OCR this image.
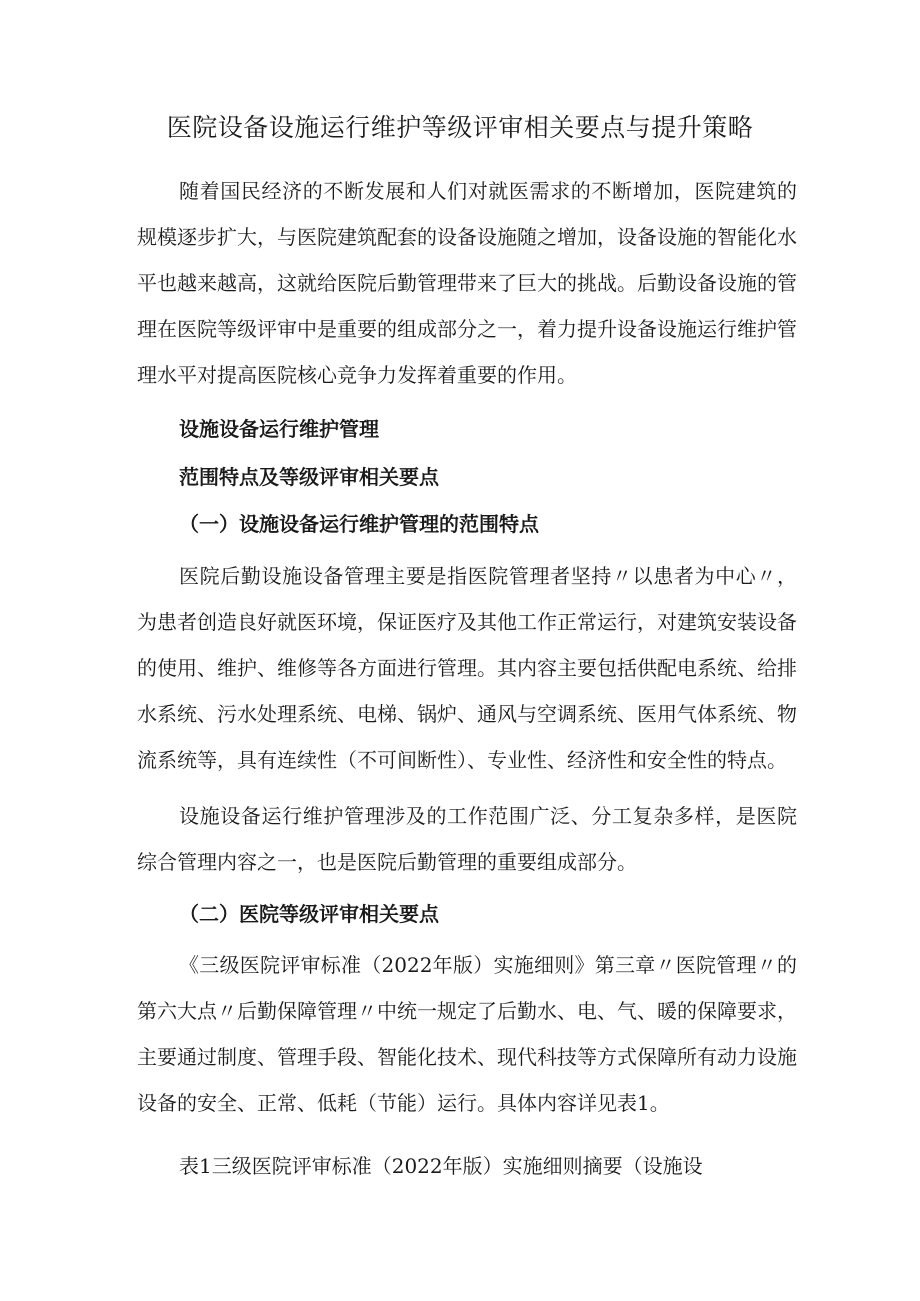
医院设备设施运行维护等级评审相关要点与提升策略

随着国民经济的不断发展和人们对就医需求的不断增加，医院建筑的规模逐步扩大，与医院建筑配套的设备设施随之增加，设备设施的智能化水平也越来越高，这就给医院后勤管理带来了巨大的挑战。后勤设备设施的管理在医院等级评审中是重要的组成部分之一，着力提升设备设施运行维护管理水平对提高医院核心竞争力发挥着重要的作用。

设施设备运行维护管理
范围特点及等级评审相关要点
（一）设施设备运行维护管理的范围特点

医院后勤设施设备管理主要是指医院管理者坚持〃以患者为中心〃，为患者创造良好就医环境，保证医疗及其他工作正常运行，对建筑安装设备的使用、维护、维修等各方面进行管理。其内容主要包括供配电系统、给排水系统、污水处理系统、电梯、锅炉、通风与空调系统、医用气体系统、物流系统等，具有连续性（不可间断性）、专业性、经济性和安全性的特点。

设施设备运行维护管理涉及的工作范围广泛、分工复杂多样，是医院综合管理内容之一，也是医院后勤管理的重要组成部分。

（二）医院等级评审相关要点

《三级医院评审标准（2022年版）实施细则》第三章〃医院管理〃的第六大点〃后勤保障管理〃中统一规定了后勤水、电、气、暖的保障要求，主要通过制度、管理手段、智能化技术、现代科技等方式保障所有动力设施设备的安全、正常、低耗（节能）运行。具体内容详见表1。

表1三级医院评审标准（2022年版）实施细则摘要（设施设
